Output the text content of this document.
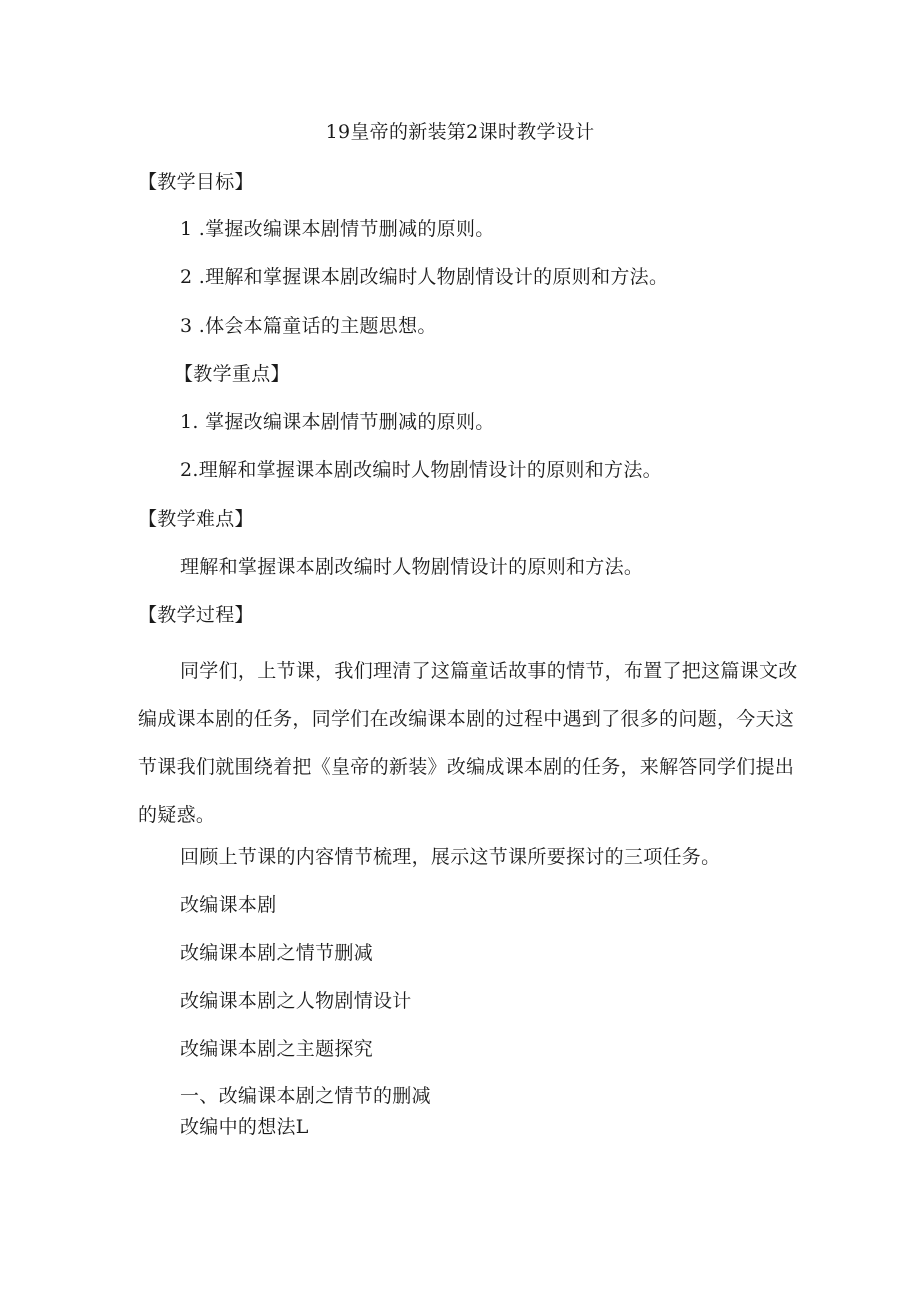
19皇帝的新装第2课时教学设计
【教学目标】
1 .掌握改编课本剧情节删减的原则。
2 .理解和掌握课本剧改编时人物剧情设计的原则和方法。
3 .体会本篇童话的主题思想。
【教学重点】
1. 掌握改编课本剧情节删减的原则。
2.理解和掌握课本剧改编时人物剧情设计的原则和方法。
【教学难点】
理解和掌握课本剧改编时人物剧情设计的原则和方法。
【教学过程】
同学们，上节课，我们理清了这篇童话故事的情节，布置了把这篇课文改编成课本剧的任务，同学们在改编课本剧的过程中遇到了很多的问题，今天这节课我们就围绕着把《皇帝的新装》改编成课本剧的任务，来解答同学们提出的疑惑。
回顾上节课的内容情节梳理，展示这节课所要探讨的三项任务。
改编课本剧
改编课本剧之情节删减
改编课本剧之人物剧情设计
改编课本剧之主题探究
一、改编课本剧之情节的删减
改编中的想法L
